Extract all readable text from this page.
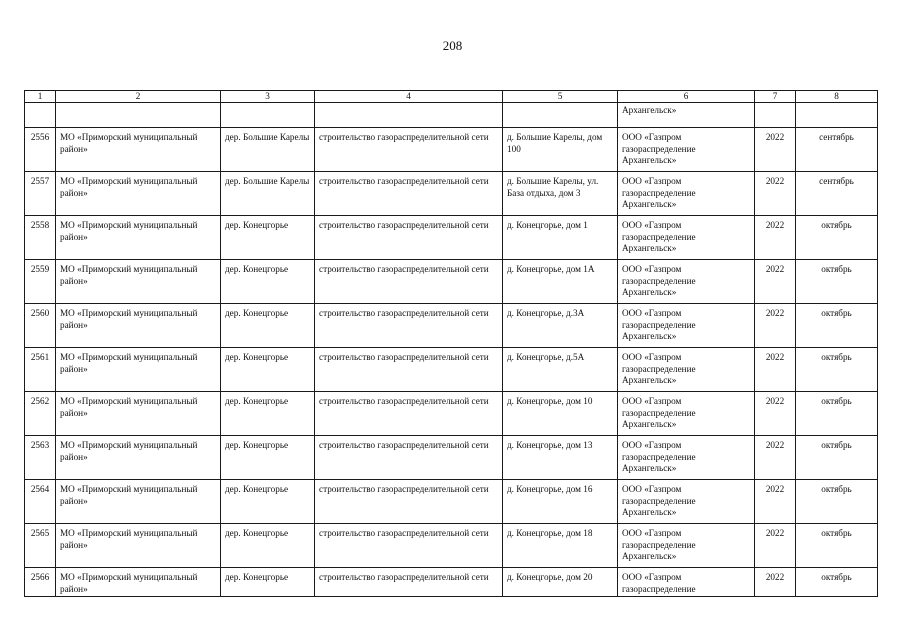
208
1	2	3	4	5	6	7	8
					Архангельск»		
2556	МО «Приморский муниципальный район»	дер. Большие Карелы	строительство газораспределительной сети	д. Большие Карелы, дом 100	ООО «Газпром газораспределение Архангельск»	2022	сентябрь
2557	МО «Приморский муниципальный район»	дер. Большие Карелы	строительство газораспределительной сети	д. Большие Карелы, ул. База отдыха, дом 3	ООО «Газпром газораспределение Архангельск»	2022	сентябрь
2558	МО «Приморский муниципальный район»	дер. Конецгорье	строительство газораспределительной сети	д. Конецгорье, дом 1	ООО «Газпром газораспределение Архангельск»	2022	октябрь
2559	МО «Приморский муниципальный район»	дер. Конецгорье	строительство газораспределительной сети	д. Конецгорье, дом 1А	ООО «Газпром газораспределение Архангельск»	2022	октябрь
2560	МО «Приморский муниципальный район»	дер. Конецгорье	строительство газораспределительной сети	д. Конецгорье, д.3А	ООО «Газпром газораспределение Архангельск»	2022	октябрь
2561	МО «Приморский муниципальный район»	дер. Конецгорье	строительство газораспределительной сети	д. Конецгорье, д.5А	ООО «Газпром газораспределение Архангельск»	2022	октябрь
2562	МО «Приморский муниципальный район»	дер. Конецгорье	строительство газораспределительной сети	д. Конецгорье, дом 10	ООО «Газпром газораспределение Архангельск»	2022	октябрь
2563	МО «Приморский муниципальный район»	дер. Конецгорье	строительство газораспределительной сети	д. Конецгорье, дом 13	ООО «Газпром газораспределение Архангельск»	2022	октябрь
2564	МО «Приморский муниципальный район»	дер. Конецгорье	строительство газораспределительной сети	д. Конецгорье, дом 16	ООО «Газпром газораспределение Архангельск»	2022	октябрь
2565	МО «Приморский муниципальный район»	дер. Конецгорье	строительство газораспределительной сети	д. Конецгорье, дом 18	ООО «Газпром газораспределение Архангельск»	2022	октябрь
2566	МО «Приморский муниципальный район»	дер. Конецгорье	строительство газораспределительной сети	д. Конецгорье, дом 20	ООО «Газпром газораспределение	2022	октябрь
